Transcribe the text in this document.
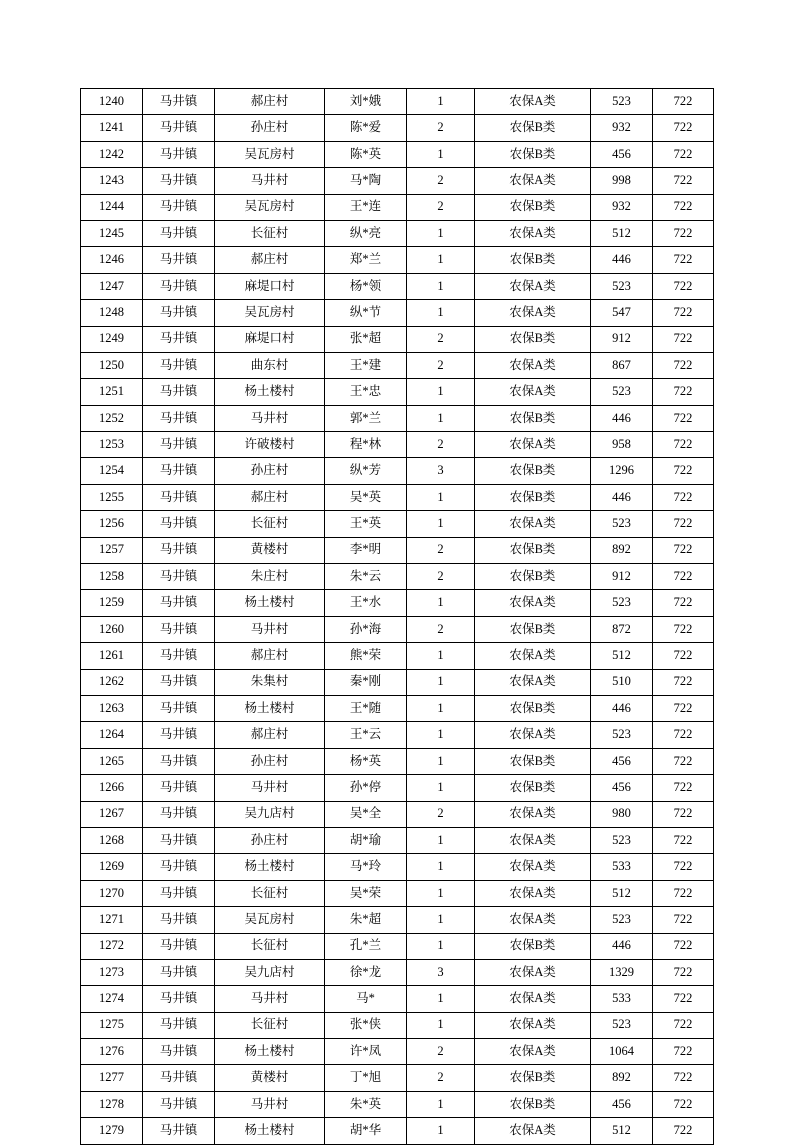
1240	马井镇	郝庄村	刘*娥	1	农保A类	523	722
1241	马井镇	孙庄村	陈*爱	2	农保B类	932	722
1242	马井镇	吴瓦房村	陈*英	1	农保B类	456	722
1243	马井镇	马井村	马*陶	2	农保A类	998	722
1244	马井镇	吴瓦房村	王*连	2	农保B类	932	722
1245	马井镇	长征村	纵*亮	1	农保A类	512	722
1246	马井镇	郝庄村	郑*兰	1	农保B类	446	722
1247	马井镇	麻堤口村	杨*领	1	农保A类	523	722
1248	马井镇	吴瓦房村	纵*节	1	农保A类	547	722
1249	马井镇	麻堤口村	张*超	2	农保B类	912	722
1250	马井镇	曲东村	王*建	2	农保A类	867	722
1251	马井镇	杨土楼村	王*忠	1	农保A类	523	722
1252	马井镇	马井村	郭*兰	1	农保B类	446	722
1253	马井镇	许破楼村	程*林	2	农保A类	958	722
1254	马井镇	孙庄村	纵*芳	3	农保B类	1296	722
1255	马井镇	郝庄村	吴*英	1	农保B类	446	722
1256	马井镇	长征村	王*英	1	农保A类	523	722
1257	马井镇	黄楼村	李*明	2	农保B类	892	722
1258	马井镇	朱庄村	朱*云	2	农保B类	912	722
1259	马井镇	杨土楼村	王*水	1	农保A类	523	722
1260	马井镇	马井村	孙*海	2	农保B类	872	722
1261	马井镇	郝庄村	熊*荣	1	农保A类	512	722
1262	马井镇	朱集村	秦*刚	1	农保A类	510	722
1263	马井镇	杨土楼村	王*随	1	农保B类	446	722
1264	马井镇	郝庄村	王*云	1	农保A类	523	722
1265	马井镇	孙庄村	杨*英	1	农保B类	456	722
1266	马井镇	马井村	孙*停	1	农保B类	456	722
1267	马井镇	吴九店村	吴*全	2	农保A类	980	722
1268	马井镇	孙庄村	胡*瑜	1	农保A类	523	722
1269	马井镇	杨土楼村	马*玲	1	农保A类	533	722
1270	马井镇	长征村	吴*荣	1	农保A类	512	722
1271	马井镇	吴瓦房村	朱*超	1	农保A类	523	722
1272	马井镇	长征村	孔*兰	1	农保B类	446	722
1273	马井镇	吴九店村	徐*龙	3	农保A类	1329	722
1274	马井镇	马井村	马*	1	农保A类	533	722
1275	马井镇	长征村	张*侠	1	农保A类	523	722
1276	马井镇	杨土楼村	许*凤	2	农保A类	1064	722
1277	马井镇	黄楼村	丁*旭	2	农保B类	892	722
1278	马井镇	马井村	朱*英	1	农保B类	456	722
1279	马井镇	杨土楼村	胡*华	1	农保A类	512	722
